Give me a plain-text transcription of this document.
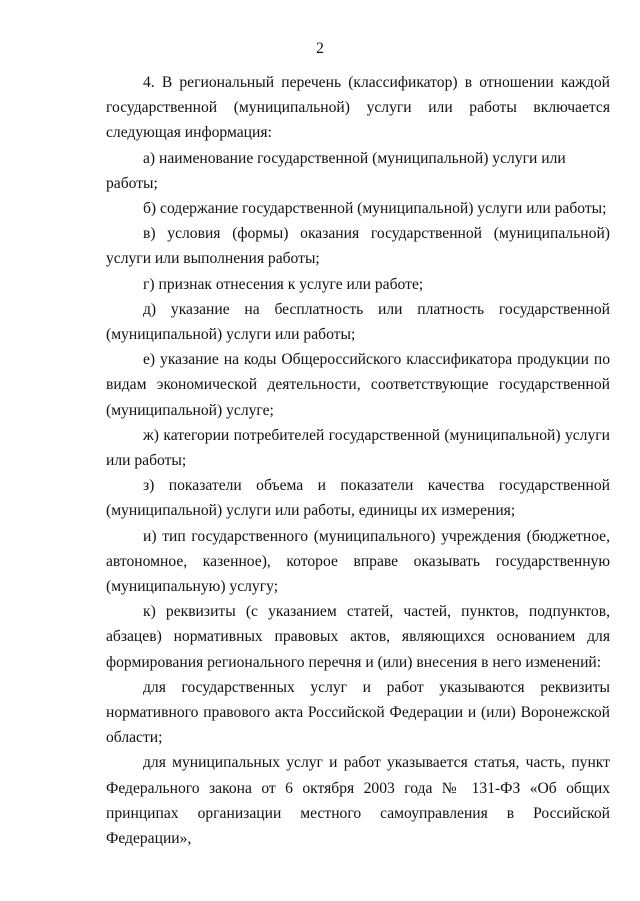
2

4. В региональный перечень (классификатор) в отношении каждой государственной (муниципальной) услуги или работы включается следующая информация:

а) наименование государственной (муниципальной) услуги или работы;

б) содержание государственной (муниципальной) услуги или работы;

в) условия (формы) оказания государственной (муниципальной) услуги или выполнения работы;

г) признак отнесения к услуге или работе;

д) указание на бесплатность или платность государственной (муниципальной) услуги или работы;

е) указание на коды Общероссийского классификатора продукции по видам экономической деятельности, соответствующие государственной (муниципальной) услуге;

ж) категории потребителей государственной (муниципальной) услуги или работы;

з) показатели объема и показатели качества государственной (муниципальной) услуги или работы, единицы их измерения;

и) тип государственного (муниципального) учреждения (бюджетное, автономное, казенное), которое вправе оказывать государственную (муниципальную) услугу;

к) реквизиты (с указанием статей, частей, пунктов, подпунктов, абзацев) нормативных правовых актов, являющихся основанием для формирования регионального перечня и (или) внесения в него изменений:

для государственных услуг и работ указываются реквизиты нормативного правового акта Российской Федерации и (или) Воронежской области;

для муниципальных услуг и работ указывается статья, часть, пункт Федерального закона от 6 октября 2003 года № 131-ФЗ «Об общих принципах организации местного самоуправления в Российской Федерации»,
